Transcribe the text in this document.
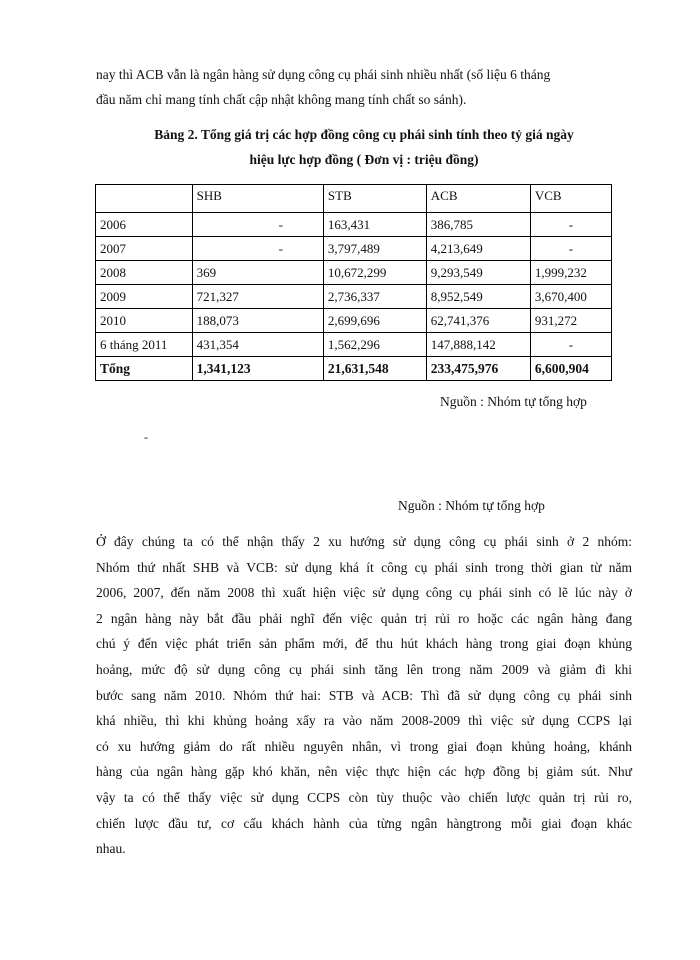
nay thì ACB vẫn là ngân hàng sử dụng công cụ phái sinh nhiều nhất (số liệu 6 tháng
đầu năm chỉ mang tính chất cập nhật không mang tính chất so sánh).
Bảng 2. Tổng giá trị các hợp đồng công cụ phái sinh tính theo tỷ giá ngày
hiệu lực hợp đồng ( Đơn vị : triệu đồng)
	SHB	STB	ACB	VCB
2006	-	163,431	386,785	-
2007	-	3,797,489	4,213,649	-
2008	369	10,672,299	9,293,549	1,999,232
2009	721,327	2,736,337	8,952,549	3,670,400
2010	188,073	2,699,696	62,741,376	931,272
6 tháng 2011	431,354	1,562,296	147,888,142	-
Tổng	1,341,123	21,631,548	233,475,976	6,600,904
Nguồn : Nhóm tự tổng hợp
-
Nguồn : Nhóm tự tổng hợp
Ở đây chúng ta có thể nhận thấy 2 xu hướng sử dụng công cụ phái sinh ở 2 nhóm:
Nhóm thứ nhất SHB và VCB: sử dụng khá ít công cụ phái sinh trong thời gian từ năm
2006, 2007, đến năm 2008 thì xuất hiện việc sử dụng công cụ phái sinh có lẽ lúc này ở
2 ngân hàng này bắt đầu phải nghĩ đến việc quản trị rủi ro hoặc các ngân hàng đang
chú ý đến việc phát triển sản phẩm mới, để thu hút khách hàng trong giai đoạn khủng
hoảng, mức độ sử dụng công cụ phái sinh tăng lên trong năm 2009 và giảm đi khi
bước sang năm 2010. Nhóm thứ hai: STB và ACB: Thì đã sử dụng công cụ phái sinh
khá nhiều, thì khi khủng hoảng xẩy ra vào năm 2008-2009 thì việc sử dụng CCPS lại
có xu hướng giảm do rất nhiều nguyên nhân, vì trong giai đoạn khủng hoảng, khánh
hàng của ngân hàng gặp khó khăn, nên việc thực hiện các hợp đồng bị giảm sút. Như
vậy ta có thể thấy việc sử dụng CCPS còn tùy thuộc vào chiến lược quản trị rủi ro,
chiến lược đầu tư, cơ cấu khách hành của từng ngân hàngtrong mỗi giai đoạn khác
nhau.
